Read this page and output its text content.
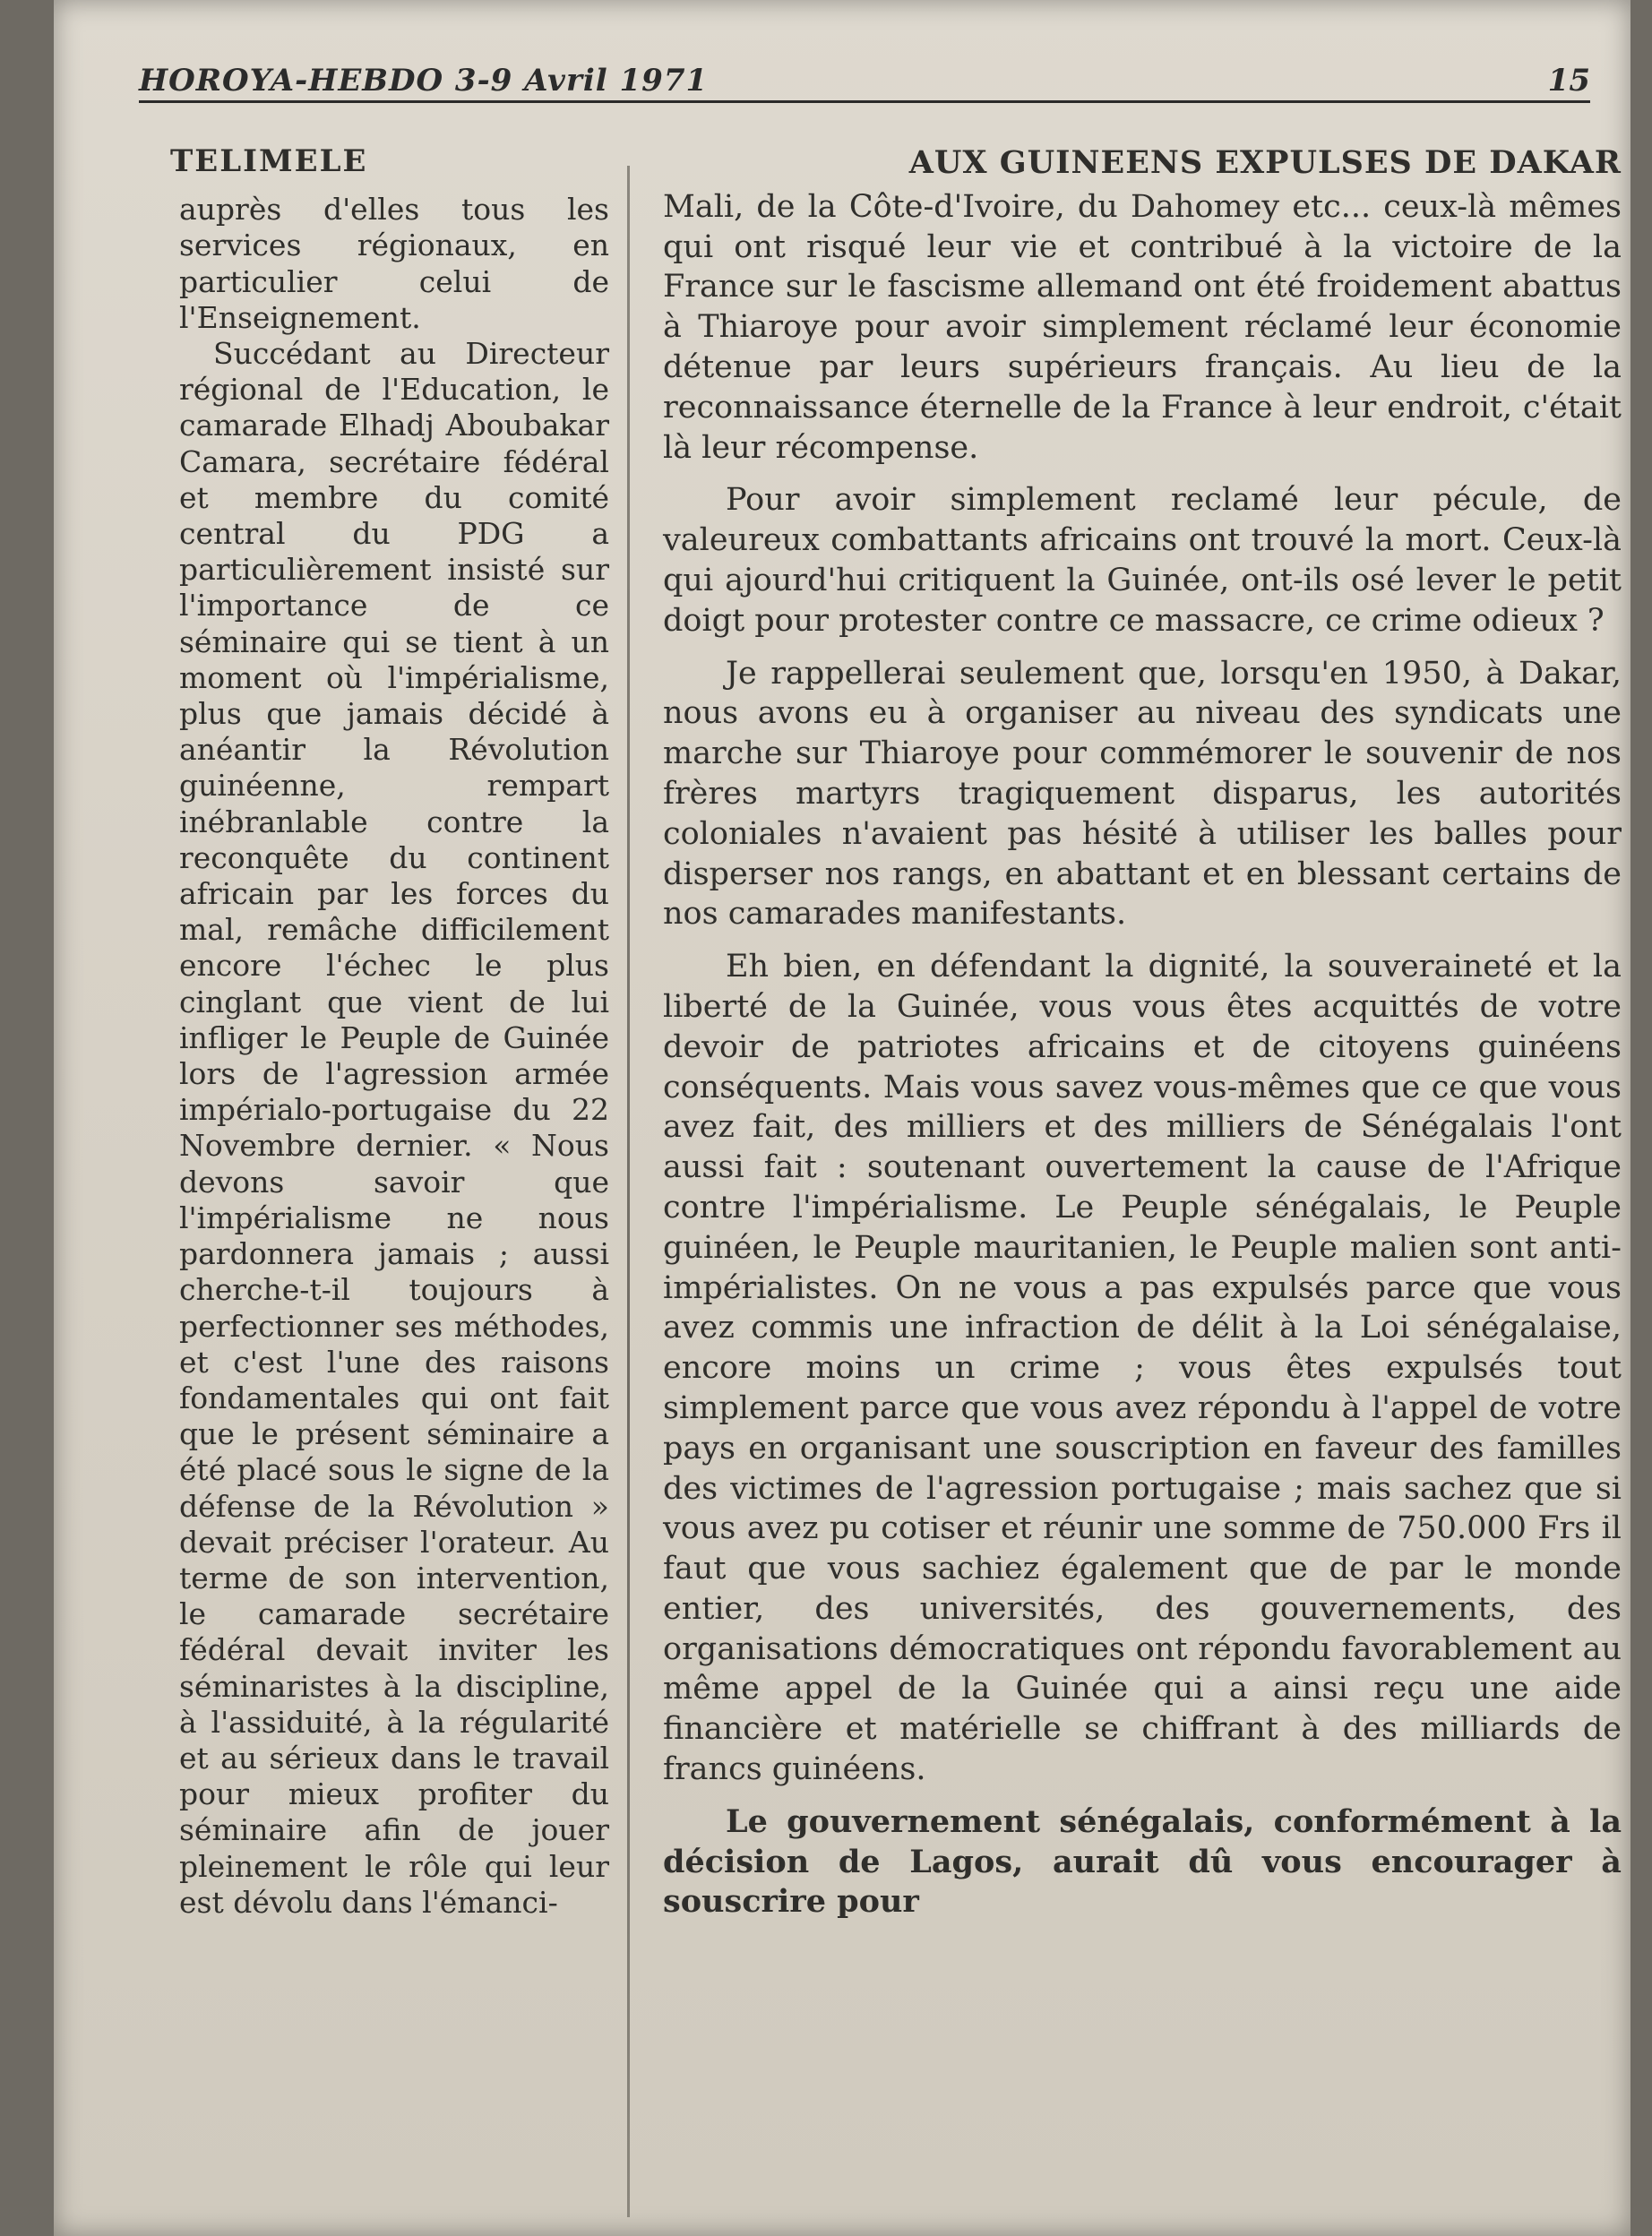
HOROYA-HEBDO 3-9 Avril 1971	15
TELIMELE

auprès d'elles tous les services régionaux, en particulier celui de l'Enseignement.

Succédant au Directeur régional de l'Education, le camarade Elhadj Aboubakar Camara, secrétaire fédéral et membre du comité central du PDG a particulièrement insisté sur l'importance de ce séminaire qui se tient à un moment où l'impérialisme, plus que jamais décidé à anéantir la Révolution guinéenne, rempart inébranlable contre la reconquête du continent africain par les forces du mal, remâche difficilement encore l'échec le plus cinglant que vient de lui infliger le Peuple de Guinée lors de l'agression armée impérialo-portugaise du 22 Novembre dernier. « Nous devons savoir que l'impérialisme ne nous pardonnera jamais ; aussi cherche-t-il toujours à perfectionner ses méthodes, et c'est l'une des raisons fondamentales qui ont fait que le présent séminaire a été placé sous le signe de la défense de la Révolution » devait préciser l'orateur. Au terme de son intervention, le camarade secrétaire fédéral devait inviter les séminaristes à la discipline, à l'assiduité, à la régularité et au sérieux dans le travail pour mieux profiter du séminaire afin de jouer pleinement le rôle qui leur est dévolu dans l'émanci-

AUX GUINEENS EXPULSES DE DAKAR

Mali, de la Côte-d'Ivoire, du Dahomey etc... ceux-là mêmes qui ont risqué leur vie et contribué à la victoire de la France sur le fascisme allemand ont été froidement abattus à Thiaroye pour avoir simplement réclamé leur économie détenue par leurs supérieurs français. Au lieu de la reconnaissance éternelle de la France à leur endroit, c'était là leur récompense.

Pour avoir simplement reclamé leur pécule, de valeureux combattants africains ont trouvé la mort. Ceux-là qui ajourd'hui critiquent la Guinée, ont-ils osé lever le petit doigt pour protester contre ce massacre, ce crime odieux ?

Je rappellerai seulement que, lorsqu'en 1950, à Dakar, nous avons eu à organiser au niveau des syndicats une marche sur Thiaroye pour commémorer le souvenir de nos frères martyrs tragiquement disparus, les autorités coloniales n'avaient pas hésité à utiliser les balles pour disperser nos rangs, en abattant et en blessant certains de nos camarades manifestants.

Eh bien, en défendant la dignité, la souveraineté et la liberté de la Guinée, vous vous êtes acquittés de votre devoir de patriotes africains et de citoyens guinéens conséquents. Mais vous savez vous-mêmes que ce que vous avez fait, des milliers et des milliers de Sénégalais l'ont aussi fait : soutenant ouvertement la cause de l'Afrique contre l'impérialisme. Le Peuple sénégalais, le Peuple guinéen, le Peuple mauritanien, le Peuple malien sont anti-impérialistes. On ne vous a pas expulsés parce que vous avez commis une infraction de délit à la Loi sénégalaise, encore moins un crime ; vous êtes expulsés tout simplement parce que vous avez répondu à l'appel de votre pays en organisant une souscription en faveur des familles des victimes de l'agression portugaise ; mais sachez que si vous avez pu cotiser et réunir une somme de 750.000 Frs il faut que vous sachiez également que de par le monde entier, des universités, des gouvernements, des organisations démocratiques ont répondu favorablement au même appel de la Guinée qui a ainsi reçu une aide financière et matérielle se chiffrant à des milliards de francs guinéens.

Le gouvernement sénégalais, conformément à la décision de Lagos, aurait dû vous encourager à souscrire pour
